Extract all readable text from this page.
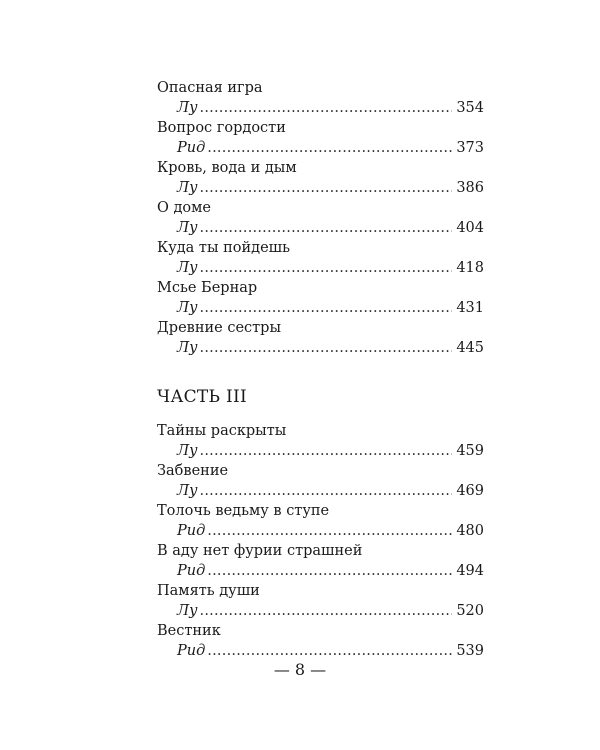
Опасная игра
Лу . . .	354
Вопрос гордости
Рид . . .	373
Кровь, вода и дым
Лу . . .	386
О доме
Лу . . .	404
Куда ты пойдешь
Лу . . .	418
Мсье Бернар
Лу . . .	431
Древние сестры
Лу . . .	445
ЧАСТЬ III
Тайны раскрыты
Лу . . .	459
Забвение
Лу . . .	469
Толочь ведьму в ступе
Рид . . .	480
В аду нет фурии страшней
Рид . . .	494
Память души
Лу . . .	520
Вестник
Рид . . .	539
— 8 —
